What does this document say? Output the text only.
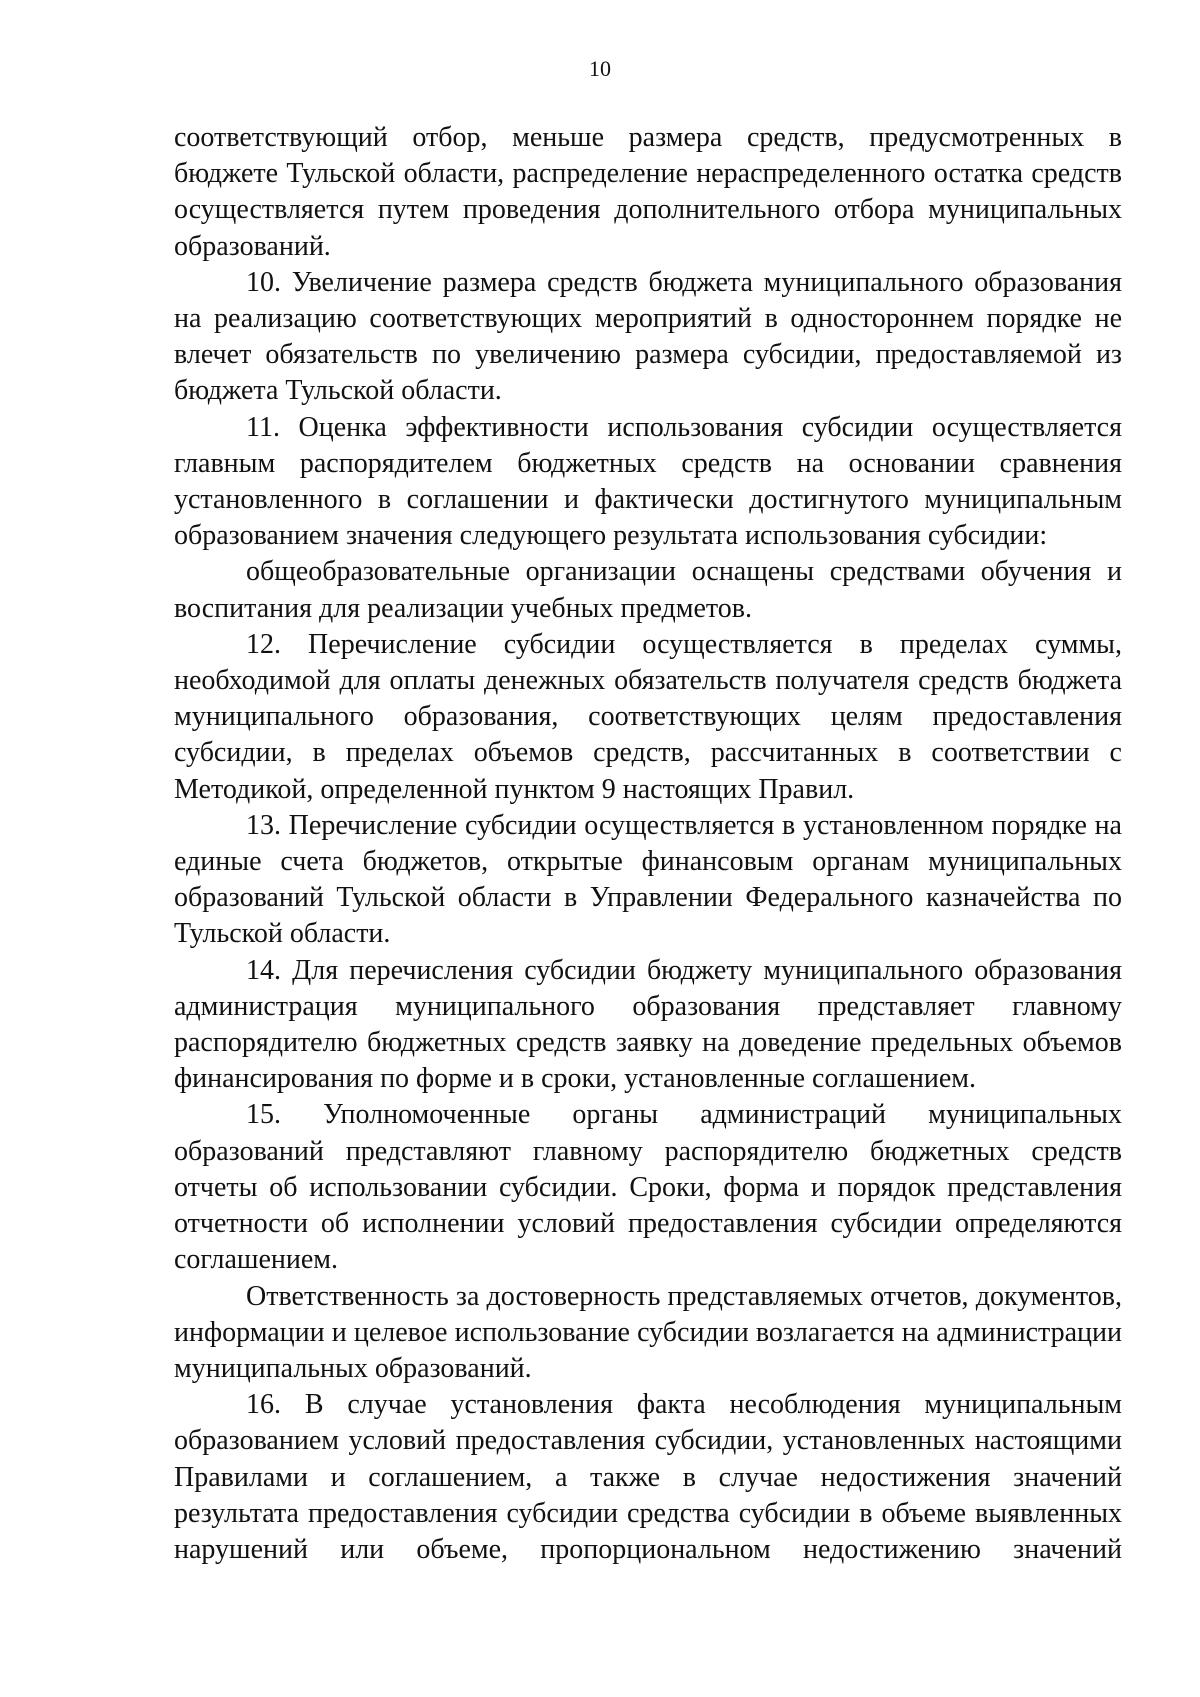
10

соответствующий отбор, меньше размера средств, предусмотренных в бюджете Тульской области, распределение нераспределенного остатка средств осуществляется путем проведения дополнительного отбора муниципальных образований.

10. Увеличение размера средств бюджета муниципального образования на реализацию соответствующих мероприятий в одностороннем порядке не влечет обязательств по увеличению размера субсидии, предоставляемой из бюджета Тульской области.

11. Оценка эффективности использования субсидии осуществляется главным распорядителем бюджетных средств на основании сравнения установленного в соглашении и фактически достигнутого муниципальным образованием значения следующего результата использования субсидии:

общеобразовательные организации оснащены средствами обучения и воспитания для реализации учебных предметов.

12. Перечисление субсидии осуществляется в пределах суммы, необходимой для оплаты денежных обязательств получателя средств бюджета муниципального образования, соответствующих целям предоставления субсидии, в пределах объемов средств, рассчитанных в соответствии с Методикой, определенной пунктом 9 настоящих Правил.

13. Перечисление субсидии осуществляется в установленном порядке на единые счета бюджетов, открытые финансовым органам муниципальных образований Тульской области в Управлении Федерального казначейства по Тульской области.

14. Для перечисления субсидии бюджету муниципального образования администрация муниципального образования представляет главному распорядителю бюджетных средств заявку на доведение предельных объемов финансирования по форме и в сроки, установленные соглашением.

15. Уполномоченные органы администраций муниципальных образований представляют главному распорядителю бюджетных средств отчеты об использовании субсидии. Сроки, форма и порядок представления отчетности об исполнении условий предоставления субсидии определяются соглашением.

Ответственность за достоверность представляемых отчетов, документов, информации и целевое использование субсидии возлагается на администрации муниципальных образований.

16. В случае установления факта несоблюдения муниципальным образованием условий предоставления субсидии, установленных настоящими Правилами и соглашением, а также в случае недостижения значений результата предоставления субсидии средства субсидии в объеме выявленных нарушений или объеме, пропорциональном недостижению значений
